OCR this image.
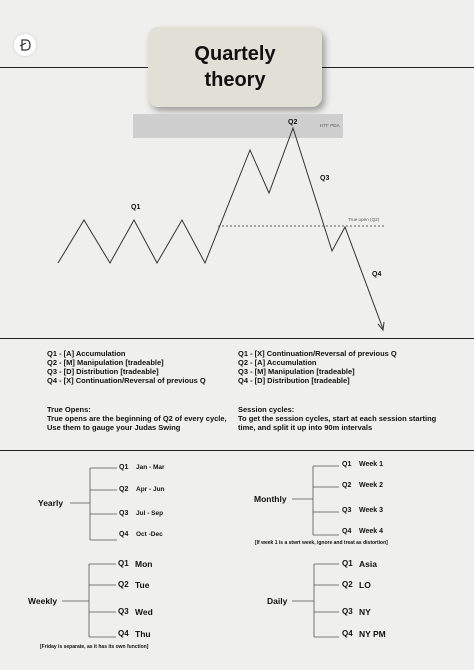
Quartely
theory
HTF PDA
True open (Q2)
Q1
Q2
Q3
Q4
Q1 - [A] Accumulation
Q2 - [M] Manipulation [tradeable]
Q3 - [D] Distribution [tradeable]
Q4 - [X] Continuation/Reversal of previous Q
Q1 - [X] Continuation/Reversal of previous Q
Q2 - [A] Accumulation
Q3 - [M] Manipulation [tradeable]
Q4 - [D] Distribution [tradeable]
True Opens:
True opens are the beginning of Q2 of every cycle,
Use them to gauge your Judas Swing
Session cycles:
To get the session cycles, start at each session starting
time, and split it up into 90m intervals
Yearly
Q1 Jan - Mar
Q2 Apr - Jun
Q3 Jul - Sep
Q4 Oct -Dec
Monthly
Q1 Week 1
Q2 Week 2
Q3 Week 3
Q4 Week 4
[If week 1 is a stwrt week, ignore and treat as distortion]
Weekly
Q1 Mon
Q2 Tue
Q3 Wed
Q4 Thu
[Friday is separate, as it has its own function]
Daily
Q1 Asia
Q2 LO
Q3 NY
Q4 NY PM
